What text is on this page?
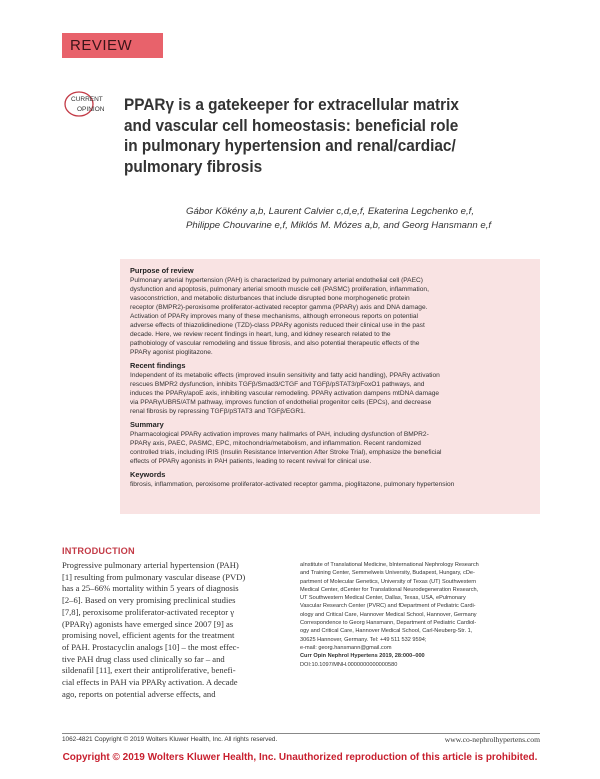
REVIEW
CURRENT
OPINION PPARγ is a gatekeeper for extracellular matrix
and vascular cell homeostasis: beneficial role
in pulmonary hypertension and renal/cardiac/
pulmonary fibrosis
Gábor Kökény a,b, Laurent Calvier c,d,e,f, Ekaterina Legchenko e,f,
Philippe Chouvarine e,f, Miklós M. Mózes a,b, and Georg Hansmann e,f
Purpose of review

Pulmonary arterial hypertension (PAH) is characterized by pulmonary arterial endothelial cell (PAEC)
dysfunction and apoptosis, pulmonary arterial smooth muscle cell (PASMC) proliferation, inflammation,
vasoconstriction, and metabolic disturbances that include disrupted bone morphogenetic protein
receptor (BMPR2)-peroxisome proliferator-activated receptor gamma (PPARγ) axis and DNA damage.
Activation of PPARγ improves many of these mechanisms, although erroneous reports on potential
adverse effects of thiazolidinedione (TZD)-class PPARγ agonists reduced their clinical use in the past
decade. Here, we review recent findings in heart, lung, and kidney research related to the
pathobiology of vascular remodeling and tissue fibrosis, and also potential therapeutic effects of the
PPARγ agonist pioglitazone.

Recent findings

Independent of its metabolic effects (improved insulin sensitivity and fatty acid handling), PPARγ activation
rescues BMPR2 dysfunction, inhibits TGFβ/Smad3/CTGF and TGFβ/pSTAT3/pFoxO1 pathways, and
induces the PPARγ/apoE axis, inhibiting vascular remodeling. PPARγ activation dampens mtDNA damage
via PPARγ/UBR5/ATM pathway, improves function of endothelial progenitor cells (EPCs), and decrease
renal fibrosis by repressing TGFβ/pSTAT3 and TGFβ/EGR1.

Summary

Pharmacological PPARγ activation improves many hallmarks of PAH, including dysfunction of BMPR2-
PPARγ axis, PAEC, PASMC, EPC, mitochondria/metabolism, and inflammation. Recent randomized
controlled trials, including IRIS (Insulin Resistance Intervention After Stroke Trial), emphasize the beneficial
effects of PPARγ agonists in PAH patients, leading to recent revival for clinical use.

Keywords

fibrosis, inflammation, peroxisome proliferator-activated receptor gamma, pioglitazone, pulmonary hypertension

INTRODUCTION
Progressive pulmonary arterial hypertension (PAH)
[1] resulting from pulmonary vascular disease (PVD)
has a 25–66% mortality within 5 years of diagnosis
[2–6]. Based on very promising preclinical studies
[7,8], peroxisome proliferator-activated receptor γ
(PPARγ) agonists have emerged since 2007 [9] as
promising novel, efficient agents for the treatment
of PAH. Prostacyclin analogs [10] – the most effec-
tive PAH drug class used clinically so far – and
sildenafil [11], exert their antiproliferative, benefi-
cial effects in PAH via PPARγ activation. A decade
ago, reports on potential adverse effects, and
aInstitute of Translational Medicine, bInternational Nephrology Research
and Training Center, Semmelweis University, Budapest, Hungary, cDe-
partment of Molecular Genetics, University of Texas (UT) Southwestern
Medical Center, dCenter for Translational Neurodegeneration Research,
UT Southwestern Medical Center, Dallas, Texas, USA, ePulmonary
Vascular Research Center (PVRC) and fDepartment of Pediatric Cardi-
ology and Critical Care, Hannover Medical School, Hannover, Germany
Correspondence to Georg Hansmann, Department of Pediatric Cardiol-
ogy and Critical Care, Hannover Medical School, Carl-Neuberg-Str. 1,
30625 Hannover, Germany. Tel: +49 511 532 9594;
e-mail: georg.hansmann@gmail.com
Curr Opin Nephrol Hypertens 2019, 28:000–000
DOI:10.1097/MNH.0000000000000580
1062-4821 Copyright © 2019 Wolters Kluwer Health, Inc. All rights reserved.	www.co-nephrolhypertens.com
Copyright © 2019 Wolters Kluwer Health, Inc. Unauthorized reproduction of this article is prohibited.
